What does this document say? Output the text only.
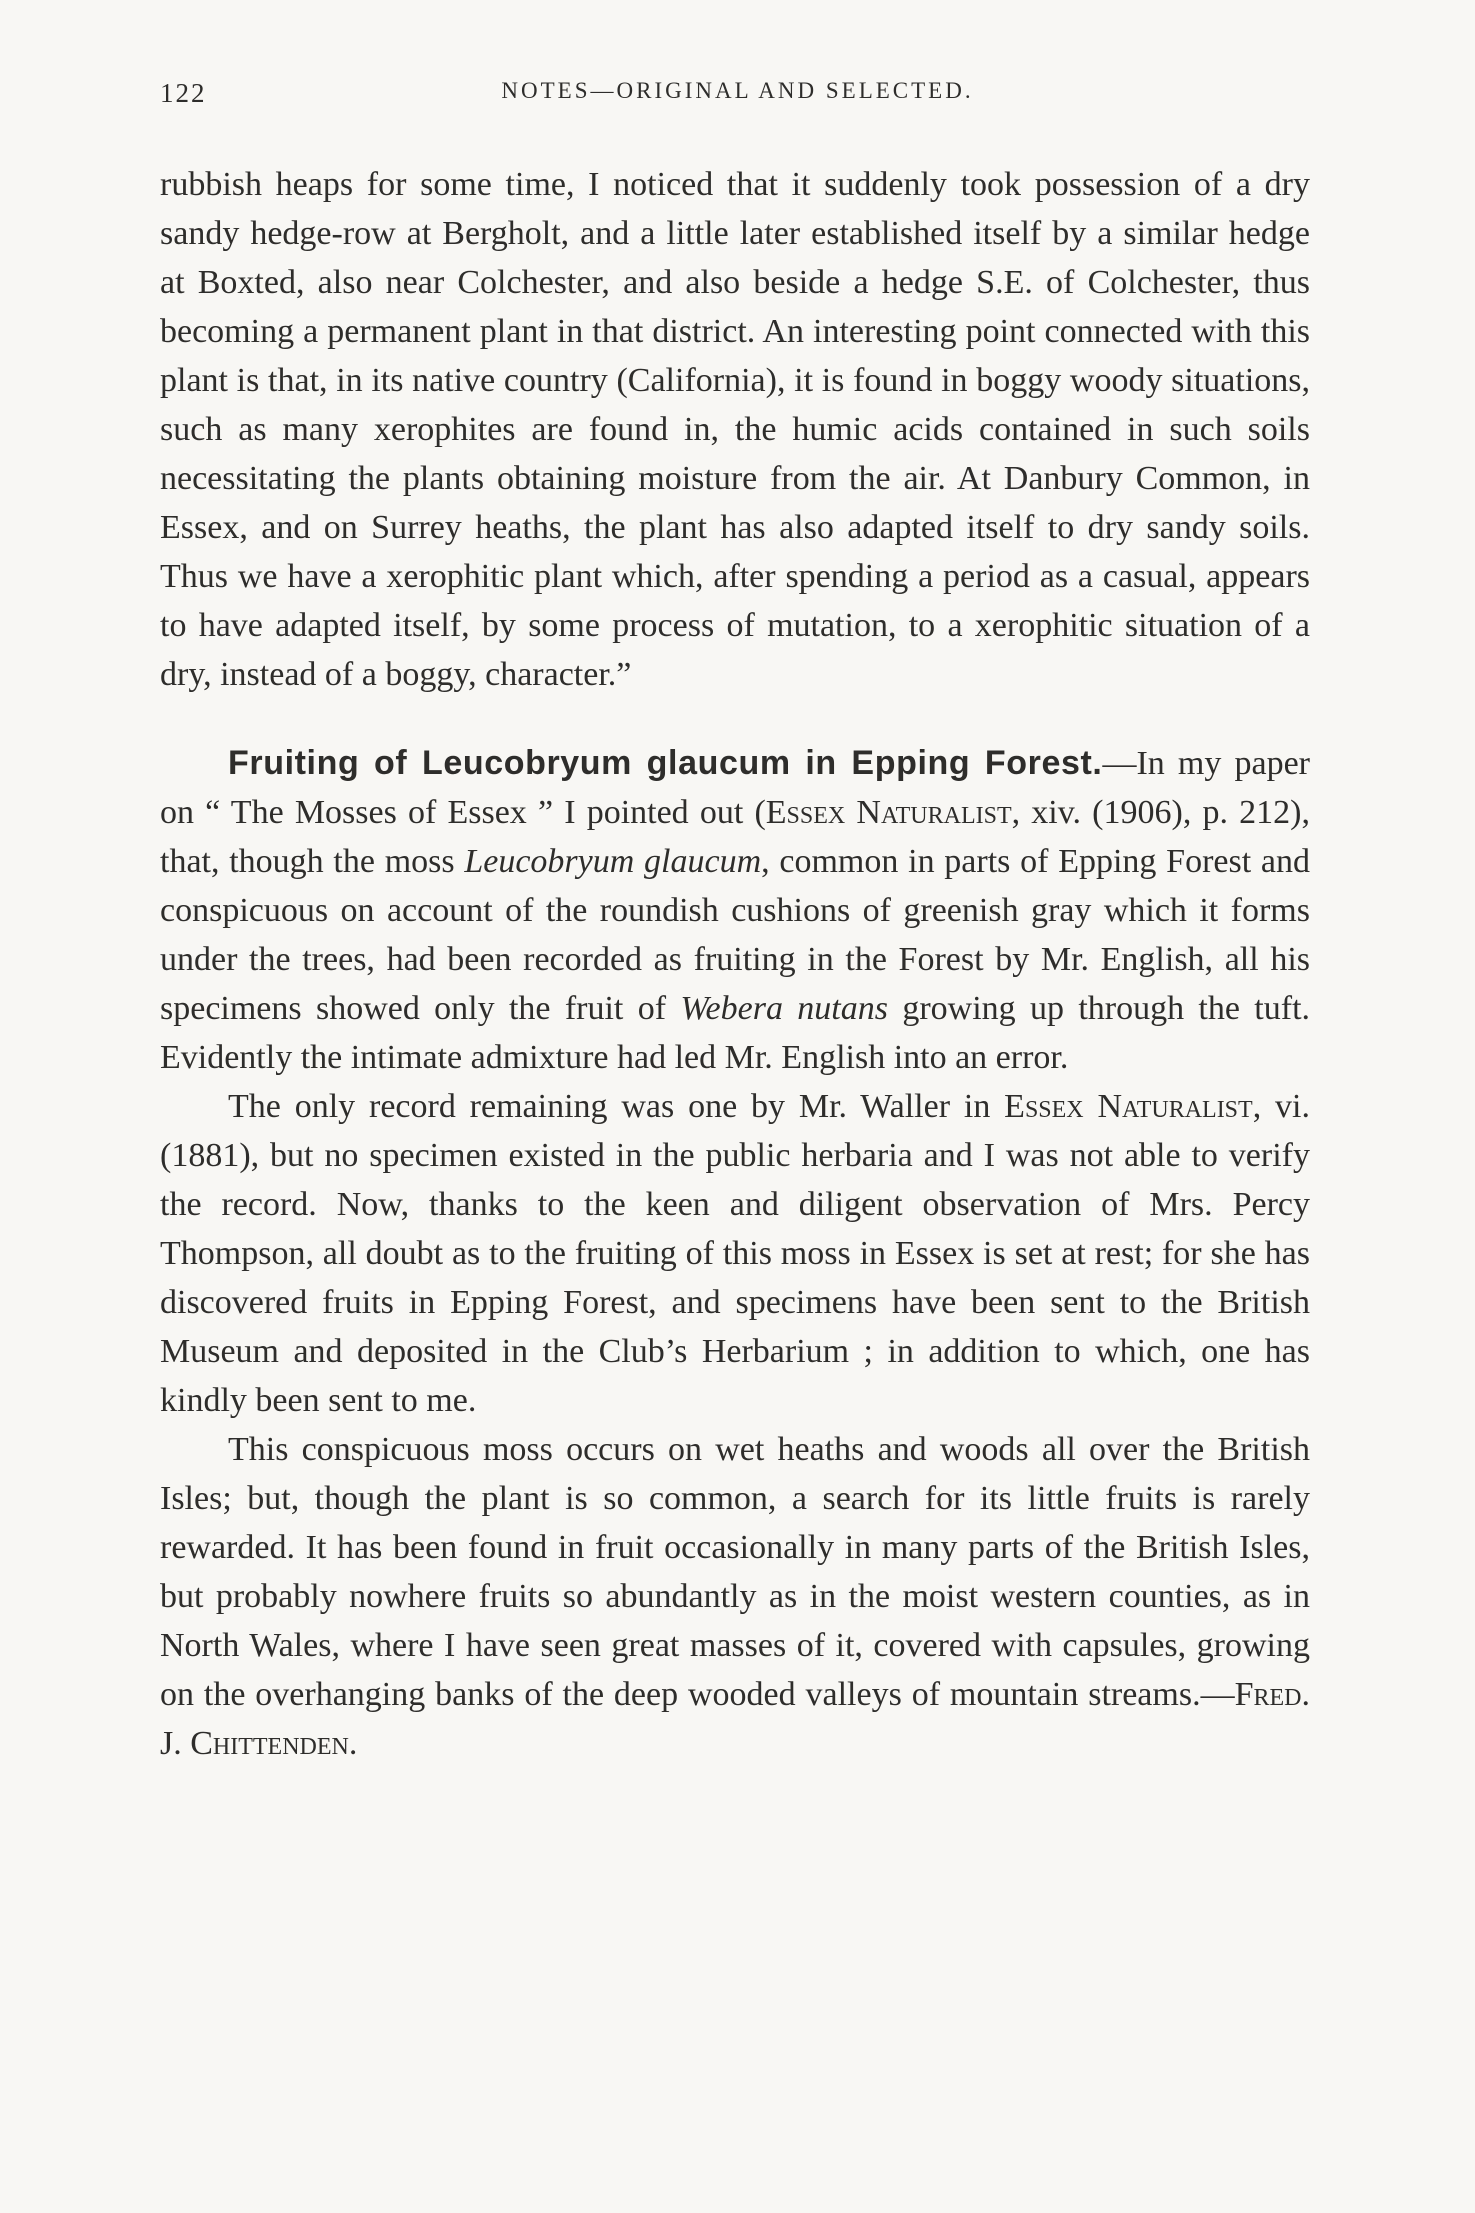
122	NOTES—ORIGINAL AND SELECTED.

rubbish heaps for some time, I noticed that it suddenly took possession of a dry sandy hedge-row at Bergholt, and a little later established itself by a similar hedge at Boxted, also near Colchester, and also beside a hedge S.E. of Colchester, thus becoming a permanent plant in that district. An interesting point connected with this plant is that, in its native country (California), it is found in boggy woody situations, such as many xerophites are found in, the humic acids contained in such soils necessitating the plants obtaining moisture from the air. At Danbury Common, in Essex, and on Surrey heaths, the plant has also adapted itself to dry sandy soils. Thus we have a xerophitic plant which, after spending a period as a casual, appears to have adapted itself, by some process of mutation, to a xerophitic situation of a dry, instead of a boggy, character.”

Fruiting of Leucobryum glaucum in Epping Forest.—In my paper on “ The Mosses of Essex ” I pointed out (Essex Naturalist, xiv. (1906), p. 212), that, though the moss Leucobryum glaucum, common in parts of Epping Forest and conspicuous on account of the roundish cushions of greenish gray which it forms under the trees, had been recorded as fruiting in the Forest by Mr. English, all his specimens showed only the fruit of Webera nutans growing up through the tuft. Evidently the intimate admixture had led Mr. English into an error.

The only record remaining was one by Mr. Waller in Essex Naturalist, vi. (1881), but no specimen existed in the public herbaria and I was not able to verify the record. Now, thanks to the keen and diligent observation of Mrs. Percy Thompson, all doubt as to the fruiting of this moss in Essex is set at rest; for she has discovered fruits in Epping Forest, and specimens have been sent to the British Museum and deposited in the Club’s Herbarium ; in addition to which, one has kindly been sent to me.

This conspicuous moss occurs on wet heaths and woods all over the British Isles; but, though the plant is so common, a search for its little fruits is rarely rewarded. It has been found in fruit occasionally in many parts of the British Isles, but probably nowhere fruits so abundantly as in the moist western counties, as in North Wales, where I have seen great masses of it, covered with capsules, growing on the overhanging banks of the deep wooded valleys of mountain streams.—Fred. J. Chittenden.
